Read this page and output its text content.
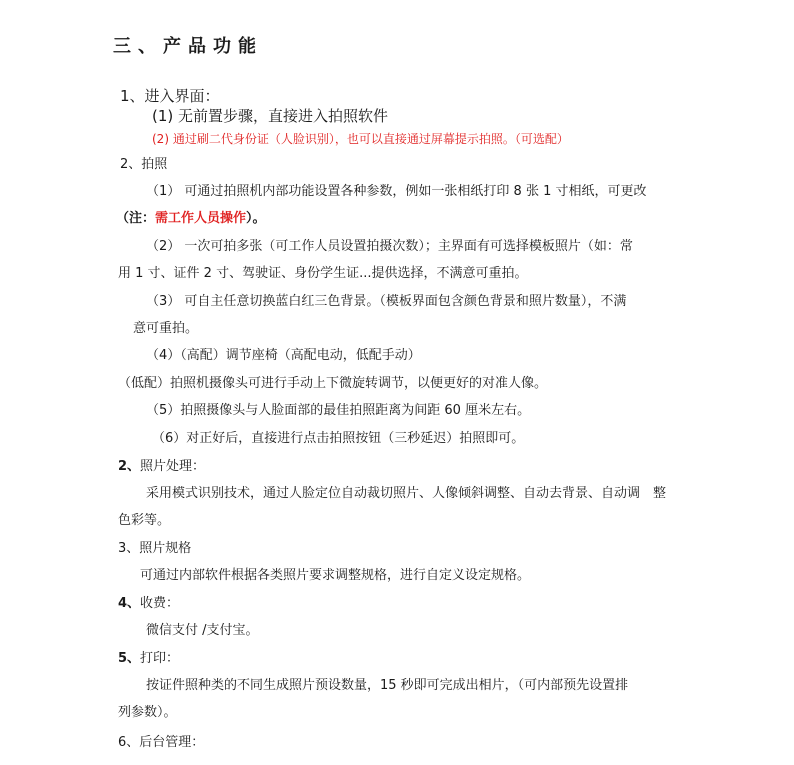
三、产品功能
1、进入界面：
(1) 无前置步骤，直接进入拍照软件
(2) 通过刷二代身份证（人脸识别），也可以直接通过屏幕提示拍照。（可选配）
2、拍照
（1） 可通过拍照机内部功能设置各种参数，例如一张相纸打印 8 张 1 寸相纸，可更改
（注：需工作人员操作）。
（2） 一次可拍多张（可工作人员设置拍摄次数）；主界面有可选择模板照片（如：常
用 1 寸、证件 2 寸、驾驶证、身份学生证...提供选择，不满意可重拍。
（3） 可自主任意切换蓝白红三色背景。（模板界面包含颜色背景和照片数量），不满
意可重拍。
（4）（高配）调节座椅（高配电动，低配手动）
（低配）拍照机摄像头可进行手动上下微旋转调节，以便更好的对准人像。
（5）拍照摄像头与人脸面部的最佳拍照距离为间距 60 厘米左右。
（6）对正好后，直接进行点击拍照按钮（三秒延迟）拍照即可。
2、照片处理：
采用模式识别技术，通过人脸定位自动裁切照片、人像倾斜调整、自动去背景、自动调　整
色彩等。
3、照片规格
可通过内部软件根据各类照片要求调整规格，进行自定义设定规格。
4、收费：
微信支付 /支付宝。
5、打印：
按证件照种类的不同生成照片预设数量，15 秒即可完成出相片，（可内部预先设置排
列参数）。
6、后台管理：
